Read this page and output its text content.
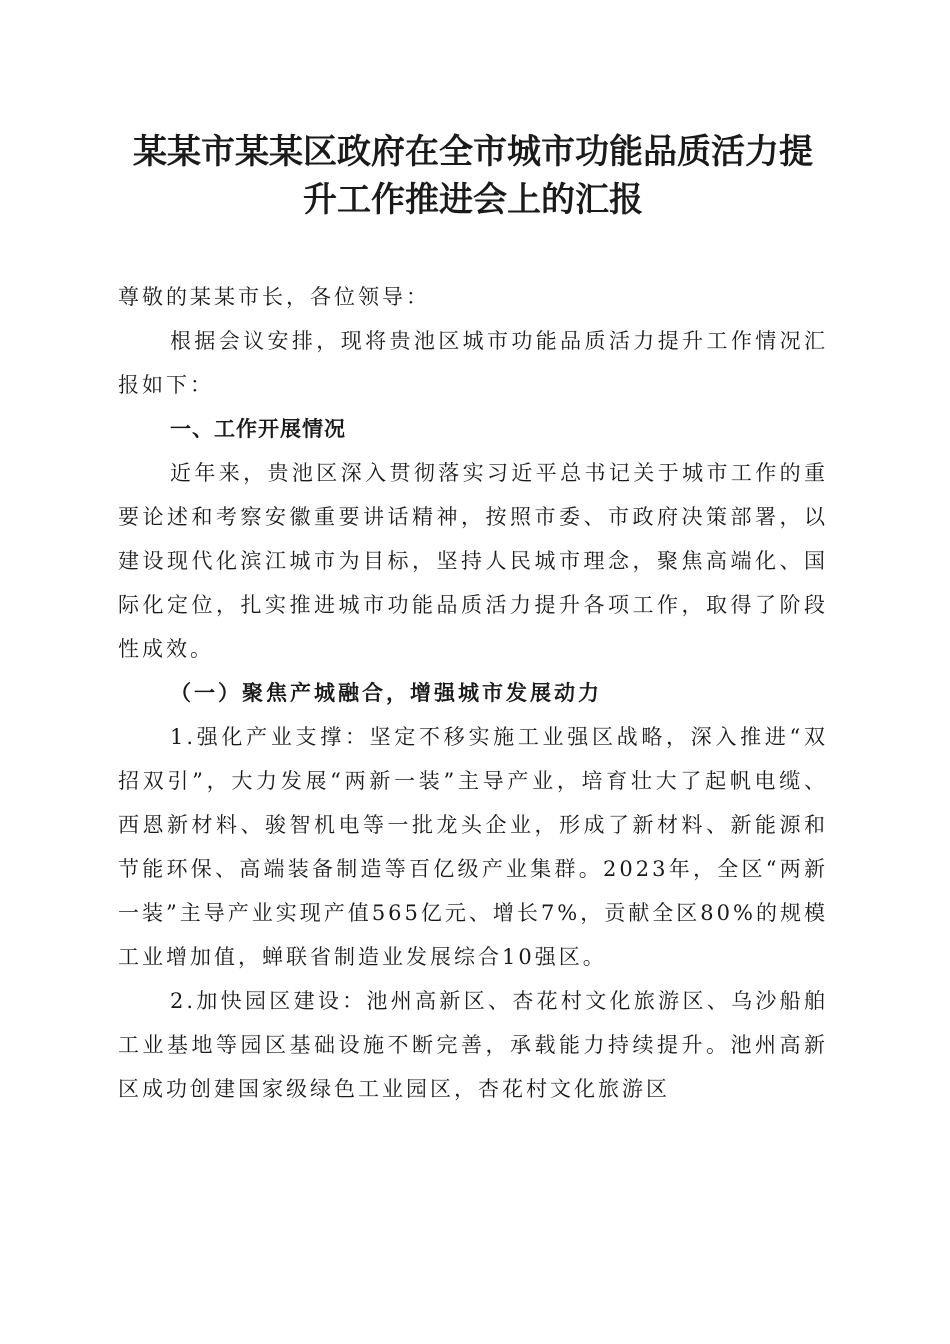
某某市某某区政府在全市城市功能品质活力提
升工作推进会上的汇报

尊敬的某某市长，各位领导：

根据会议安排，现将贵池区城市功能品质活力提升工作情况汇报如下：

一、工作开展情况

近年来，贵池区深入贯彻落实习近平总书记关于城市工作的重要论述和考察安徽重要讲话精神，按照市委、市政府决策部署，以建设现代化滨江城市为目标，坚持人民城市理念，聚焦高端化、国际化定位，扎实推进城市功能品质活力提升各项工作，取得了阶段性成效。

（一）聚焦产城融合，增强城市发展动力

1.强化产业支撑：坚定不移实施工业强区战略，深入推进“双招双引”，大力发展“两新一装”主导产业，培育壮大了起帆电缆、西恩新材料、骏智机电等一批龙头企业，形成了新材料、新能源和节能环保、高端装备制造等百亿级产业集群。2023年，全区“两新一装”主导产业实现产值565亿元、增长7%，贡献全区80%的规模工业增加值，蝉联省制造业发展综合10强区。

2.加快园区建设：池州高新区、杏花村文化旅游区、乌沙船舶工业基地等园区基础设施不断完善，承载能力持续提升。池州高新区成功创建国家级绿色工业园区，杏花村文化旅游区
